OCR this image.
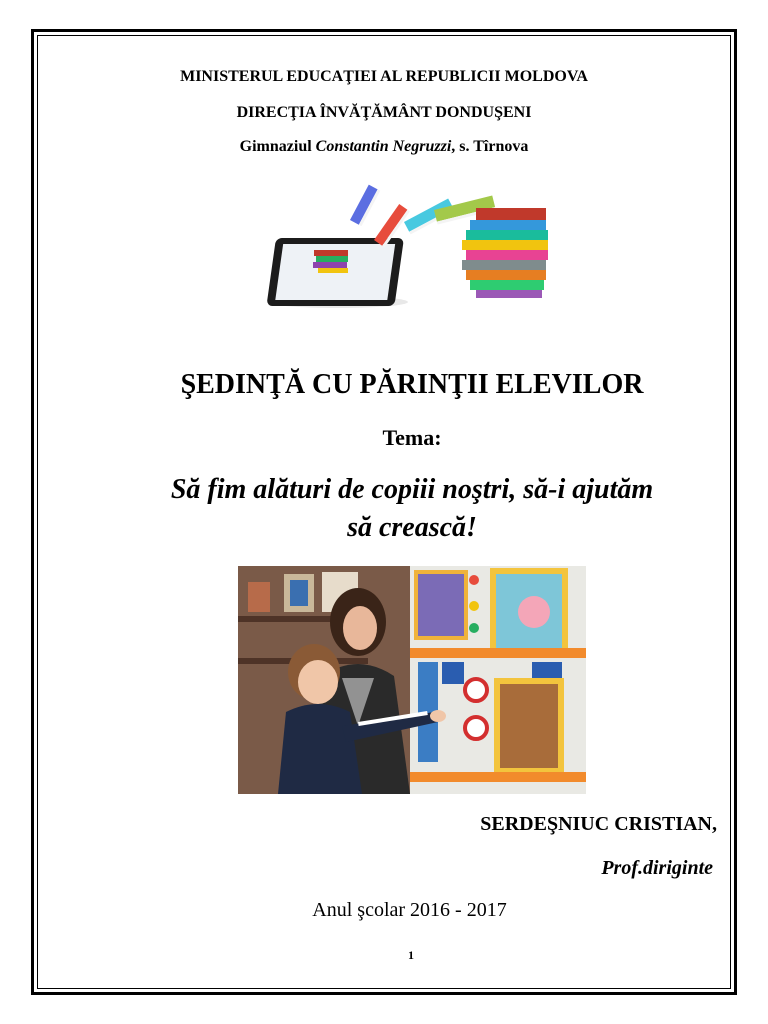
MINISTERUL EDUCAŢIEI AL REPUBLICII MOLDOVA
DIRECŢIA ÎNVĂŢĂMÂNT DONDUŞENI
Gimnaziul Constantin Negruzzi, s. Tîrnova
ŞEDINŢĂ CU PĂRINŢII ELEVILOR
Tema:
Să fim alături de copiii noştri, să-i ajutăm
să crească!
SERDEŞNIUC CRISTIAN,
Prof.diriginte
Anul şcolar 2016 - 2017
1
